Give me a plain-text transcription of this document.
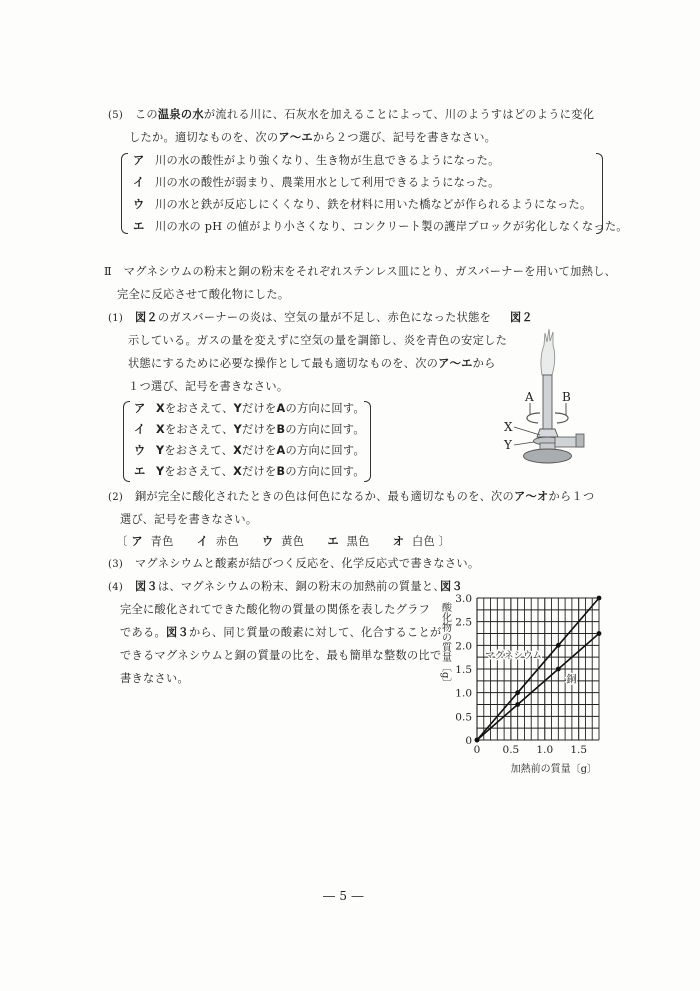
(5) この温泉の水が流れる川に、石灰水を加えることによって、川のようすはどのように変化
したか。適切なものを、次のア～エから２つ選び、記号を書きなさい。
ア 川の水の酸性がより強くなり、生き物が生息できるようになった。
イ 川の水の酸性が弱まり、農業用水として利用できるようになった。
ウ 川の水と鉄が反応しにくくなり、鉄を材料に用いた橋などが作られるようになった。
エ 川の水の pH の値がより小さくなり、コンクリート製の護岸ブロックが劣化しなくなった。
Ⅱ マグネシウムの粉末と銅の粉末をそれぞれステンレス皿にとり、ガスバーナーを用いて加熱し、
完全に反応させて酸化物にした。
(1) 図２のガスバーナーの炎は、空気の量が不足し、赤色になった状態を
示している。ガスの量を変えずに空気の量を調節し、炎を青色の安定した
状態にするために必要な操作として最も適切なものを、次のア～エから
１つ選び、記号を書きなさい。
ア Xをおさえて、YだけをAの方向に回す。
イ Xをおさえて、YだけをBの方向に回す。
ウ Yをおさえて、XだけをAの方向に回す。
エ Yをおさえて、XだけをBの方向に回す。
図２
A B
X
Y
(2) 銅が完全に酸化されたときの色は何色になるか、最も適切なものを、次のア～オから１つ
選び、記号を書きなさい。
〔 ア 青色 イ 赤色 ウ 黄色 エ 黒色 オ 白色 〕
(3) マグネシウムと酸素が結びつく反応を、化学反応式で書きなさい。
(4) 図３は、マグネシウムの粉末、銅の粉末の加熱前の質量と、
完全に酸化されてできた酸化物の質量の関係を表したグラフ
である。図３から、同じ質量の酸素に対して、化合することが
できるマグネシウムと銅の質量の比を、最も簡単な整数の比で
書きなさい。
図３
0
0.5
1.0
1.5
2.0
2.5
3.0
0 0.5 1.0 1.5
酸化物の質量〔g〕
加熱前の質量〔g〕
マグネシウム
銅
― 5 ―
